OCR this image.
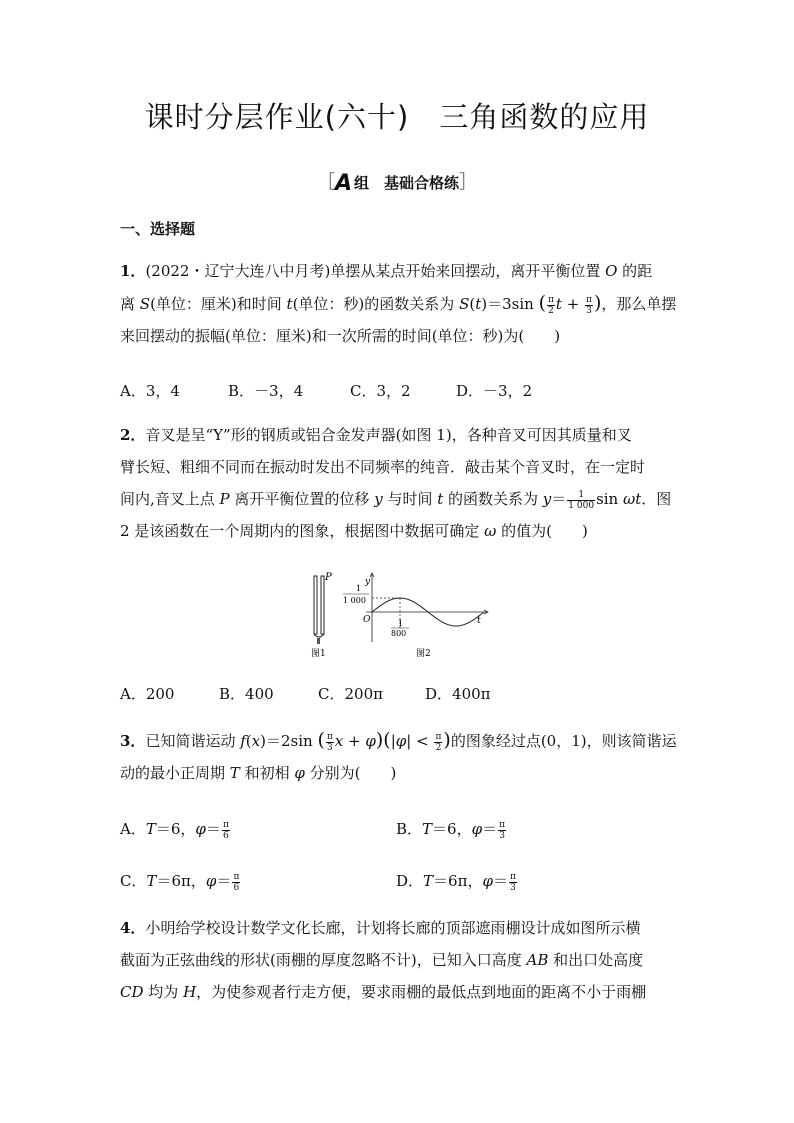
课时分层作业(六十) 三角函数的应用
［A 组　基础合格练］
一、选择题
1．(2022・辽宁大连八中月考)单摆从某点开始来回摆动，离开平衡位置 O 的距
离 S(单位：厘米)和时间 t(单位：秒)的函数关系为 S(t)＝3sin ( $\frac{\pi}{2}$ $t + \frac{\pi}{3}$ )，那么单摆
来回摆动的振幅(单位：厘米)和一次所需的时间(单位：秒)为(　　)
A．3，4	B．－3，4	C．3，2	D．－3，2
2．音叉是呈“Y”形的钢质或铝合金发声器(如图 1)，各种音叉可因其质量和叉
臂长短、粗细不同而在振动时发出不同频率的纯音．敲击某个音叉时，在一定时
间内,音叉上点 P 离开平衡位置的位移 y 与时间 t 的函数关系为 $y= \frac{1}{1 000}$ sin ωt．图
2 是该函数在一个周期内的图象，根据图中数据可确定 ω 的值为(　　)
P
图1
y
t
O
1
1 000
1
800
图2
A．200	B．400	C．200π	D．400π
3．已知简谐运动 f(x)＝2sin ( $\frac{\pi}{3}$ $x + \varphi)(|\varphi| < \frac{\pi}{2}$ )的图象经过点(0，1)，则该简谐运
动的最小正周期 T 和初相 φ 分别为(　　)
A．T＝6，$\varphi= \frac{\pi}{6}$	B．T＝6，$\varphi= \frac{\pi}{3}$
C．T＝6π，$\varphi= \frac{\pi}{6}$	D．T＝6π，$\varphi= \frac{\pi}{3}$
4．小明给学校设计数学文化长廊，计划将长廊的顶部遮雨棚设计成如图所示横
截面为正弦曲线的形状(雨棚的厚度忽略不计)，已知入口高度 AB 和出口处高度
CD 均为 H，为使参观者行走方便，要求雨棚的最低点到地面的距离不小于雨棚
